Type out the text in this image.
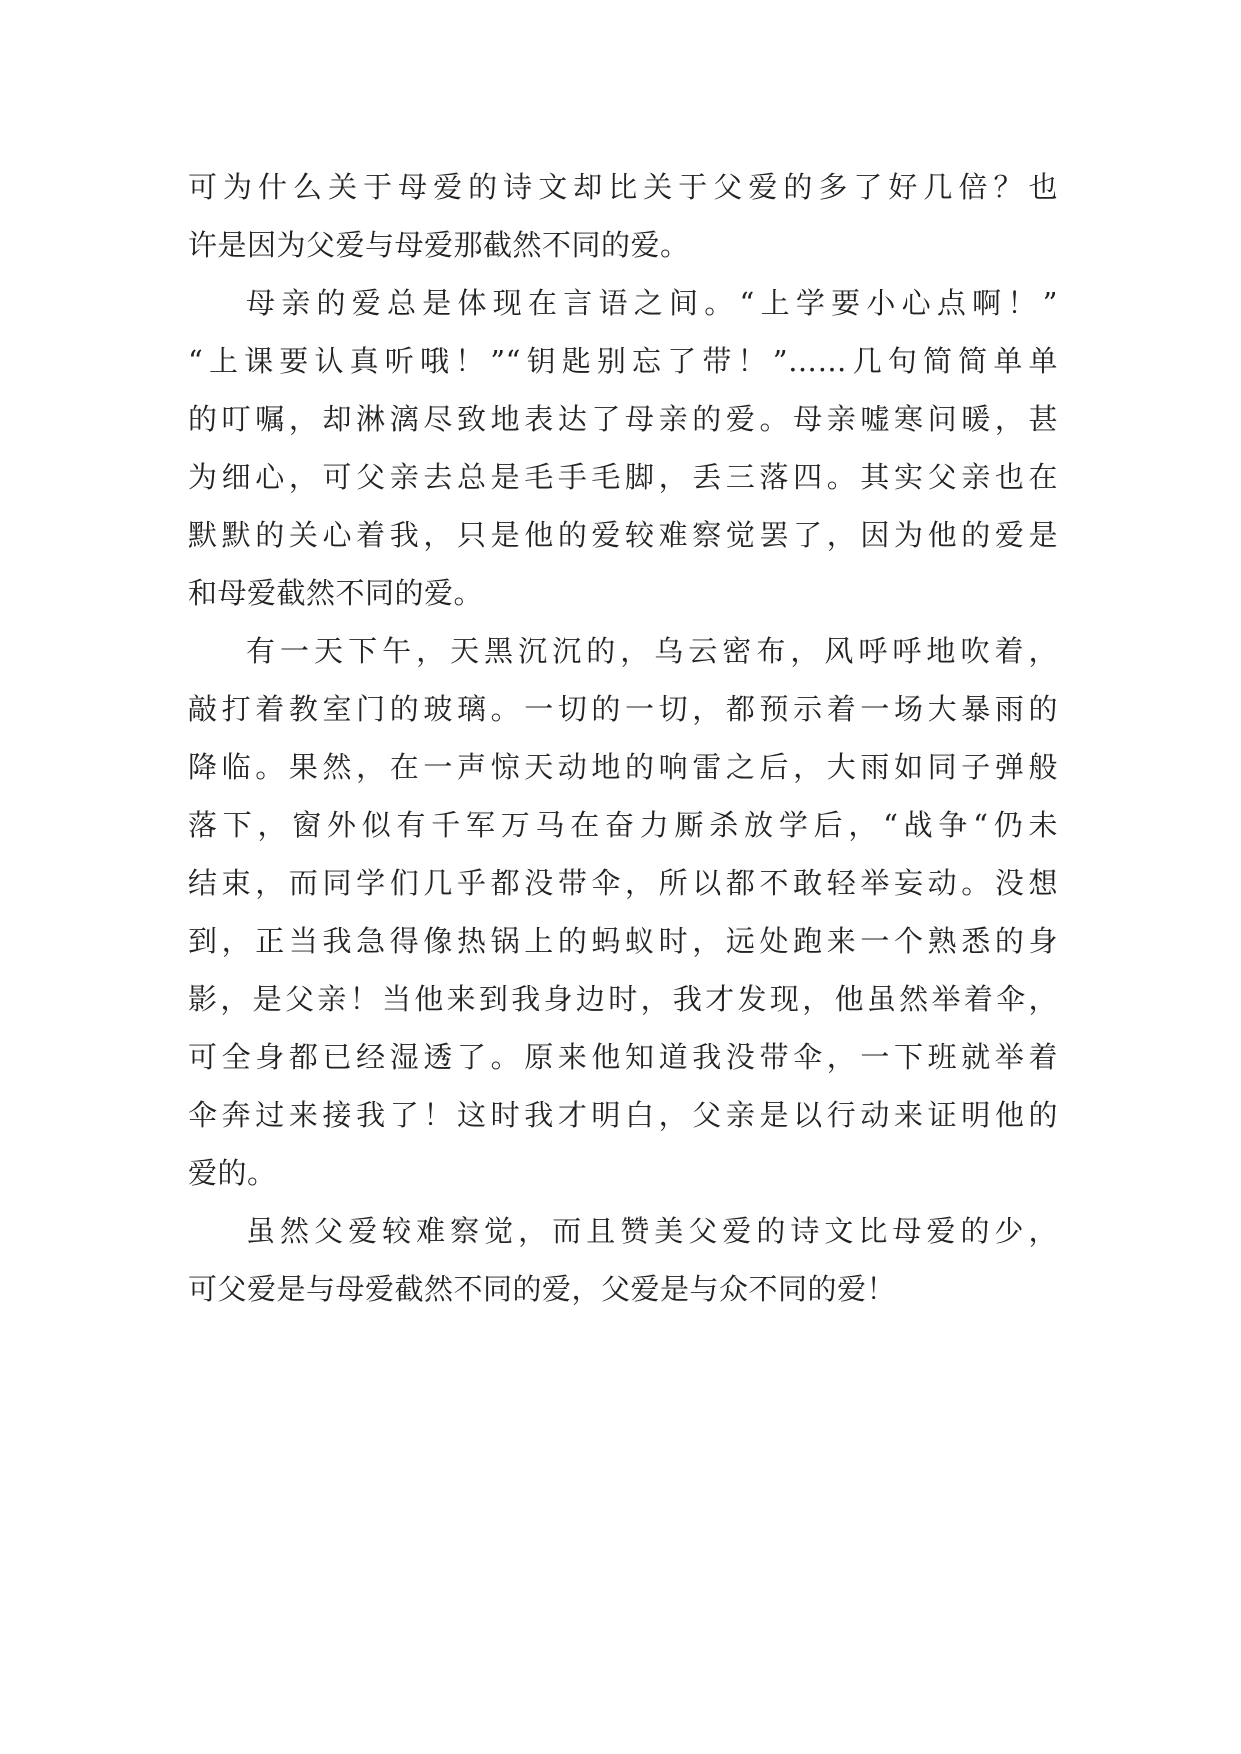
可为什么关于母爱的诗文却比关于父爱的多了好几倍？也
许是因为父爱与母爱那截然不同的爱。
母亲的爱总是体现在言语之间。“上学要小心点啊！”
“上课要认真听哦！”“钥匙别忘了带！”……几句简简单单
的叮嘱，却淋漓尽致地表达了母亲的爱。母亲嘘寒问暖，甚
为细心，可父亲去总是毛手毛脚，丢三落四。其实父亲也在
默默的关心着我，只是他的爱较难察觉罢了，因为他的爱是
和母爱截然不同的爱。
有一天下午，天黑沉沉的，乌云密布，风呼呼地吹着，
敲打着教室门的玻璃。一切的一切，都预示着一场大暴雨的
降临。果然，在一声惊天动地的响雷之后，大雨如同子弹般
落下，窗外似有千军万马在奋力厮杀放学后，“战争“仍未
结束，而同学们几乎都没带伞，所以都不敢轻举妄动。没想
到，正当我急得像热锅上的蚂蚁时，远处跑来一个熟悉的身
影，是父亲！当他来到我身边时，我才发现，他虽然举着伞，
可全身都已经湿透了。原来他知道我没带伞，一下班就举着
伞奔过来接我了！这时我才明白，父亲是以行动来证明他的
爱的。
虽然父爱较难察觉，而且赞美父爱的诗文比母爱的少，
可父爱是与母爱截然不同的爱，父爱是与众不同的爱！
